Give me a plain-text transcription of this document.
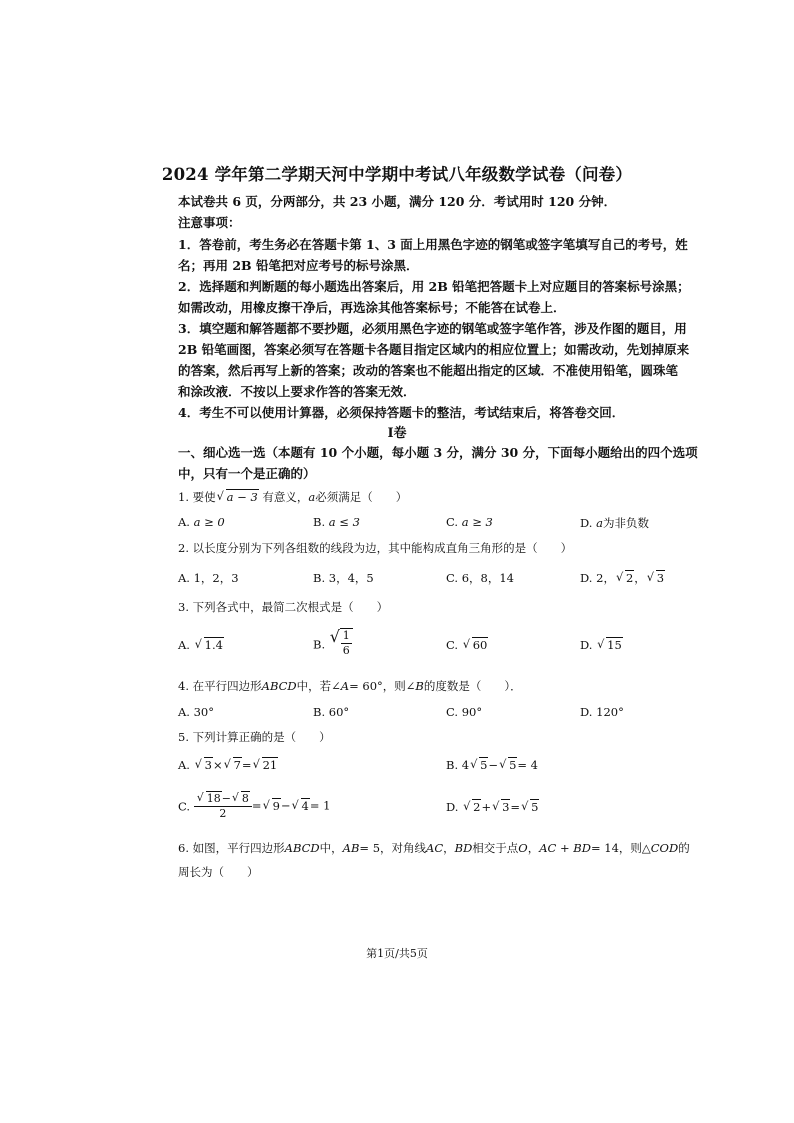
2024 学年第二学期天河中学期中考试八年级数学试卷（问卷）
本试卷共 6 页，分两部分，共 23 小题，满分 120 分．考试用时 120 分钟．
注意事项：
1．答卷前，考生务必在答题卡第 1、3 面上用黑色字迹的钢笔或签字笔填写自己的考号，姓
名；再用 2B 铅笔把对应考号的标号涂黑．
2．选择题和判断题的每小题选出答案后，用 2B 铅笔把答题卡上对应题目的答案标号涂黑；
如需改动，用橡皮擦干净后，再选涂其他答案标号；不能答在试卷上．
3．填空题和解答题都不要抄题，必须用黑色字迹的钢笔或签字笔作答，涉及作图的题目，用
2B 铅笔画图，答案必须写在答题卡各题目指定区域内的相应位置上；如需改动，先划掉原来
的答案，然后再写上新的答案；改动的答案也不能超出指定的区域．不准使用铅笔，圆珠笔
和涂改液．不按以上要求作答的答案无效．
4．考生不可以使用计算器，必须保持答题卡的整洁，考试结束后，将答卷交回．
Ⅰ卷
一、细心选一选（本题有 10 个小题，每小题 3 分，满分 30 分，下面每小题给出的四个选项
中，只有一个是正确的）
1. 要使 √ a − 3 有意义，a必须满足（　　）
A. a ≥ 0	B. a ≤ 3	C. a ≥ 3	D. a为非负数
2. 以长度分别为下列各组数的线段为边，其中能构成直角三角形的是（　　）
A. 1，2，3	B. 3，4，5	C. 6，8，14	D. 2， √ 2， √ 3
3. 下列各式中，最简二次根式是（　　）
A. √ 1.4	B. √ $\frac{1}{6}$	C. √ 60	D. √ 15
4. 在平行四边形ABCD中，若∠A= 60°，则∠B的度数是（　　）．
A. 30°	B. 60°	C. 90°	D. 120°
5. 下列计算正确的是（　　）
A. √ 3× √ 7= √ 21	B. 4 √ 5− √ 5= 4
C. √ $\frac{18- √ 8}{2}$ = √ 9− √ 4= 1	D. √ 2+ √ 3= √ 5
6. 如图，平行四边形ABCD中，AB= 5，对角线AC，BD相交于点O，AC + BD= 14，则△COD的
周长为（　　）
第1页/共5页
